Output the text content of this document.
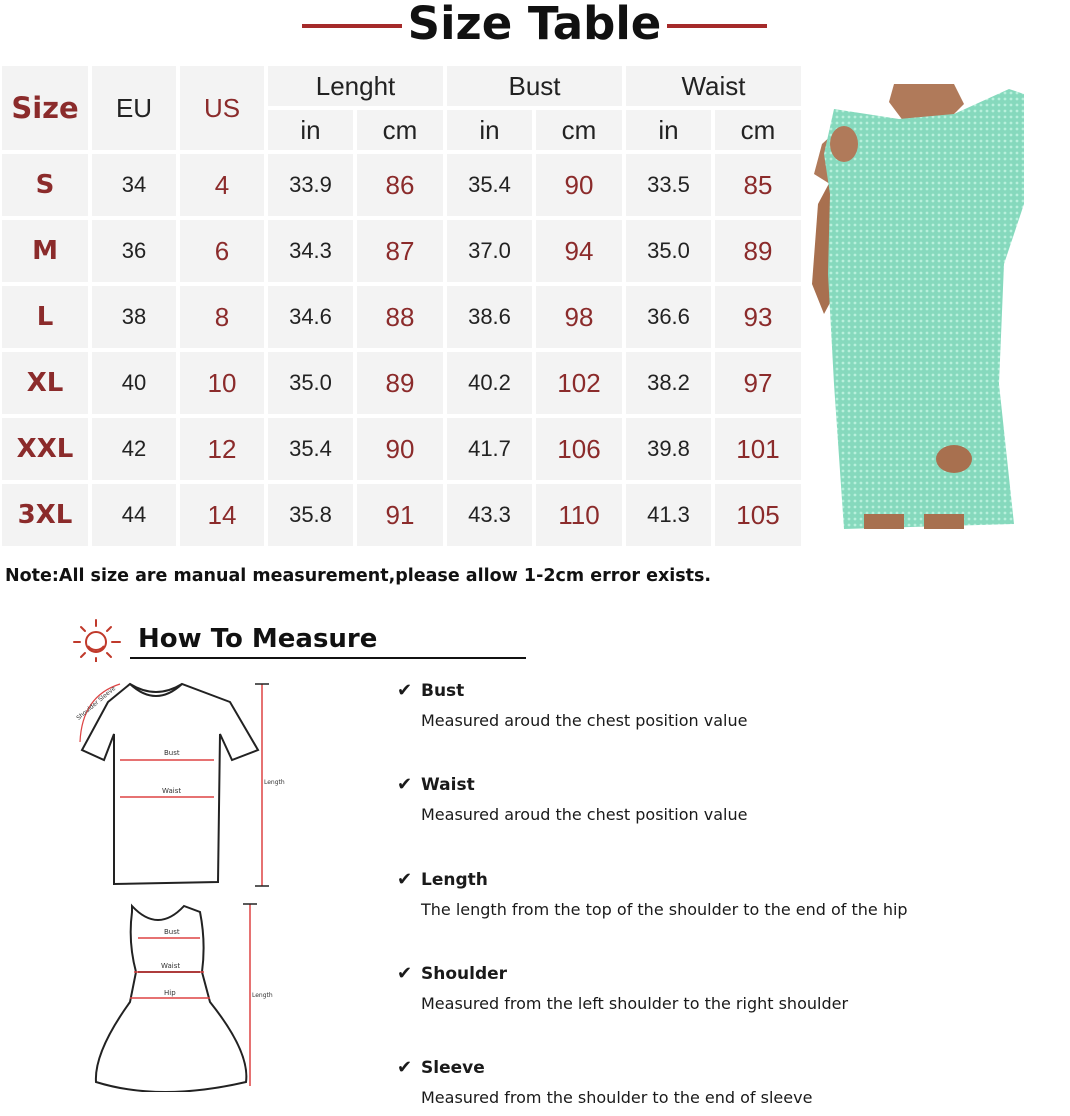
Size Table
Size	EU	US	Lenght		Bust		Waist	
			in	cm	in	cm	in	cm
S	34	4	33.9	86	35.4	90	33.5	85
M	36	6	34.3	87	37.0	94	35.0	89
L	38	8	34.6	88	38.6	98	36.6	93
XL	40	10	35.0	89	40.2	102	38.2	97
XXL	42	12	35.4	90	41.7	106	39.8	101
3XL	44	14	35.8	91	43.3	110	41.3	105
Note:All size are manual measurement,please allow 1-2cm error exists.
How To Measure
Bust
Waist
Shoulder Sleeve
Length
Bust
Waist
Hip	Length
✔ Bust
Measured aroud the chest position value
✔ Waist
Measured aroud the chest position value
✔ Length
The length from the top of the shoulder to the end of the hip
✔ Shoulder
Measured from the left shoulder to the right shoulder
✔ Sleeve
Measured from the shoulder to the end of sleeve
